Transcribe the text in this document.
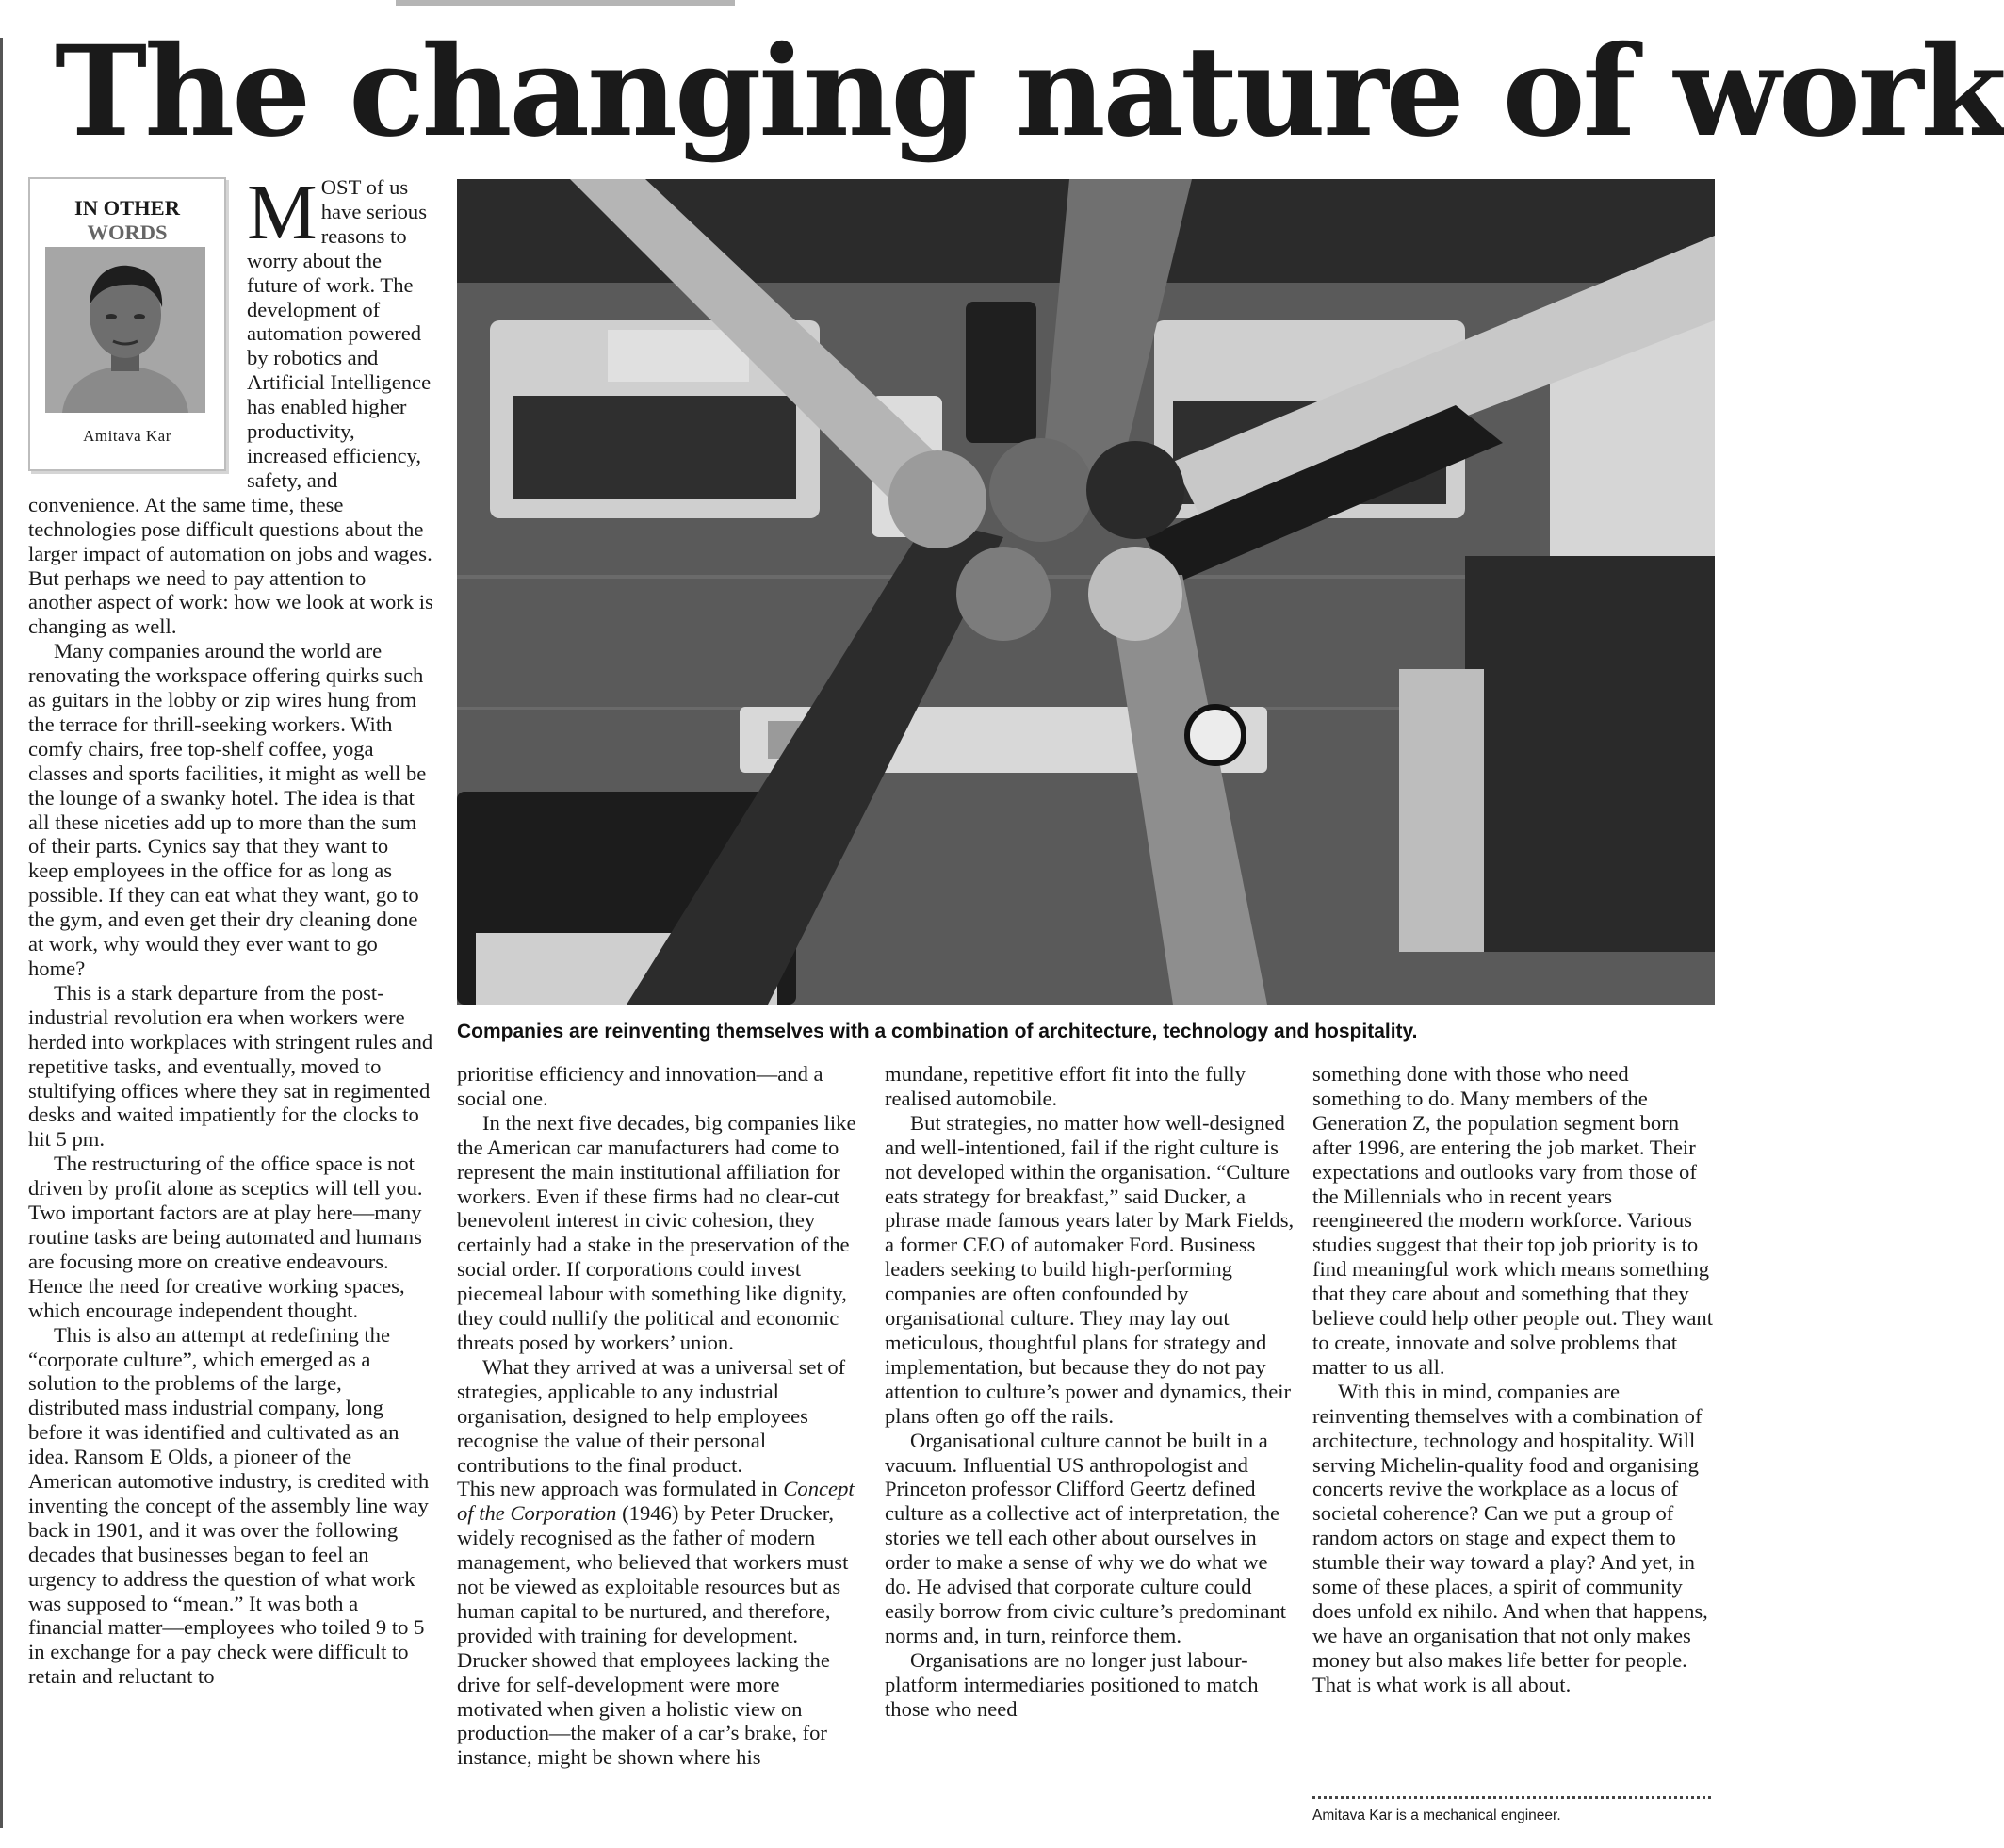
The changing nature of work
IN OTHER
WORDS
Amitava Kar

MOST of us have serious reasons to worry about the future of work. The development of automation powered by robotics and Artificial Intelligence has enabled higher productivity, increased efficiency, safety, and convenience. At the same time, these technologies pose difficult questions about the larger impact of automation on jobs and wages. But perhaps we need to pay attention to another aspect of work: how we look at work is changing as well.

Many companies around the world are renovating the workspace offering quirks such as guitars in the lobby or zip wires hung from the terrace for thrill-seeking workers. With comfy chairs, free top-shelf coffee, yoga classes and sports facilities, it might as well be the lounge of a swanky hotel. The idea is that all these niceties add up to more than the sum of their parts. Cynics say that they want to keep employees in the office for as long as possible. If they can eat what they want, go to the gym, and even get their dry cleaning done at work, why would they ever want to go home?

This is a stark departure from the post-industrial revolution era when workers were herded into workplaces with stringent rules and repetitive tasks, and eventually, moved to stultifying offices where they sat in regimented desks and waited impatiently for the clocks to hit 5 pm.

The restructuring of the office space is not driven by profit alone as sceptics will tell you. Two important factors are at play here—many routine tasks are being automated and humans are focusing more on creative endeavours. Hence the need for creative working spaces, which encourage independent thought.

This is also an attempt at redefining the “corporate culture”, which emerged as a solution to the problems of the large, distributed mass industrial company, long before it was identified and cultivated as an idea. Ransom E Olds, a pioneer of the American automotive industry, is credited with inventing the concept of the assembly line way back in 1901, and it was over the following decades that businesses began to feel an urgency to address the question of what work was supposed to “mean.” It was both a financial matter—employees who toiled 9 to 5 in exchange for a pay check were difficult to retain and reluctant to

Companies are reinventing themselves with a combination of architecture, technology and hospitality.

prioritise efficiency and innovation—and a social one.

In the next five decades, big companies like the American car manufacturers had come to represent the main institutional affiliation for workers. Even if these firms had no clear-cut benevolent interest in civic cohesion, they certainly had a stake in the preservation of the social order. If corporations could invest piecemeal labour with something like dignity, they could nullify the political and economic threats posed by workers’ union.

What they arrived at was a universal set of strategies, applicable to any industrial organisation, designed to help employees recognise the value of their personal contributions to the final product.

This new approach was formulated in Concept of the Corporation (1946) by Peter Drucker, widely recognised as the father of modern management, who believed that workers must not be viewed as exploitable resources but as human capital to be nurtured, and therefore, provided with training for development. Drucker showed that employees lacking the drive for self-development were more motivated when given a holistic view on production—the maker of a car’s brake, for instance, might be shown where his

mundane, repetitive effort fit into the fully realised automobile.

But strategies, no matter how well-designed and well-intentioned, fail if the right culture is not developed within the organisation. “Culture eats strategy for breakfast,” said Ducker, a phrase made famous years later by Mark Fields, a former CEO of automaker Ford. Business leaders seeking to build high-performing companies are often confounded by organisational culture. They may lay out meticulous, thoughtful plans for strategy and implementation, but because they do not pay attention to culture’s power and dynamics, their plans often go off the rails.

Organisational culture cannot be built in a vacuum. Influential US anthropologist and Princeton professor Clifford Geertz defined culture as a collective act of interpretation, the stories we tell each other about ourselves in order to make a sense of why we do what we do. He advised that corporate culture could easily borrow from civic culture’s predominant norms and, in turn, reinforce them.

Organisations are no longer just labour-platform intermediaries positioned to match those who need

something done with those who need something to do. Many members of the Generation Z, the population segment born after 1996, are entering the job market. Their expectations and outlooks vary from those of the Millennials who in recent years reengineered the modern workforce. Various studies suggest that their top job priority is to find meaningful work which means something that they care about and something that they believe could help other people out. They want to create, innovate and solve problems that matter to us all.

With this in mind, companies are reinventing themselves with a combination of architecture, technology and hospitality. Will serving Michelin-quality food and organising concerts revive the workplace as a locus of societal coherence? Can we put a group of random actors on stage and expect them to stumble their way toward a play? And yet, in some of these places, a spirit of community does unfold ex nihilo. And when that happens, we have an organisation that not only makes money but also makes life better for people. That is what work is all about.

Amitava Kar is a mechanical engineer.
